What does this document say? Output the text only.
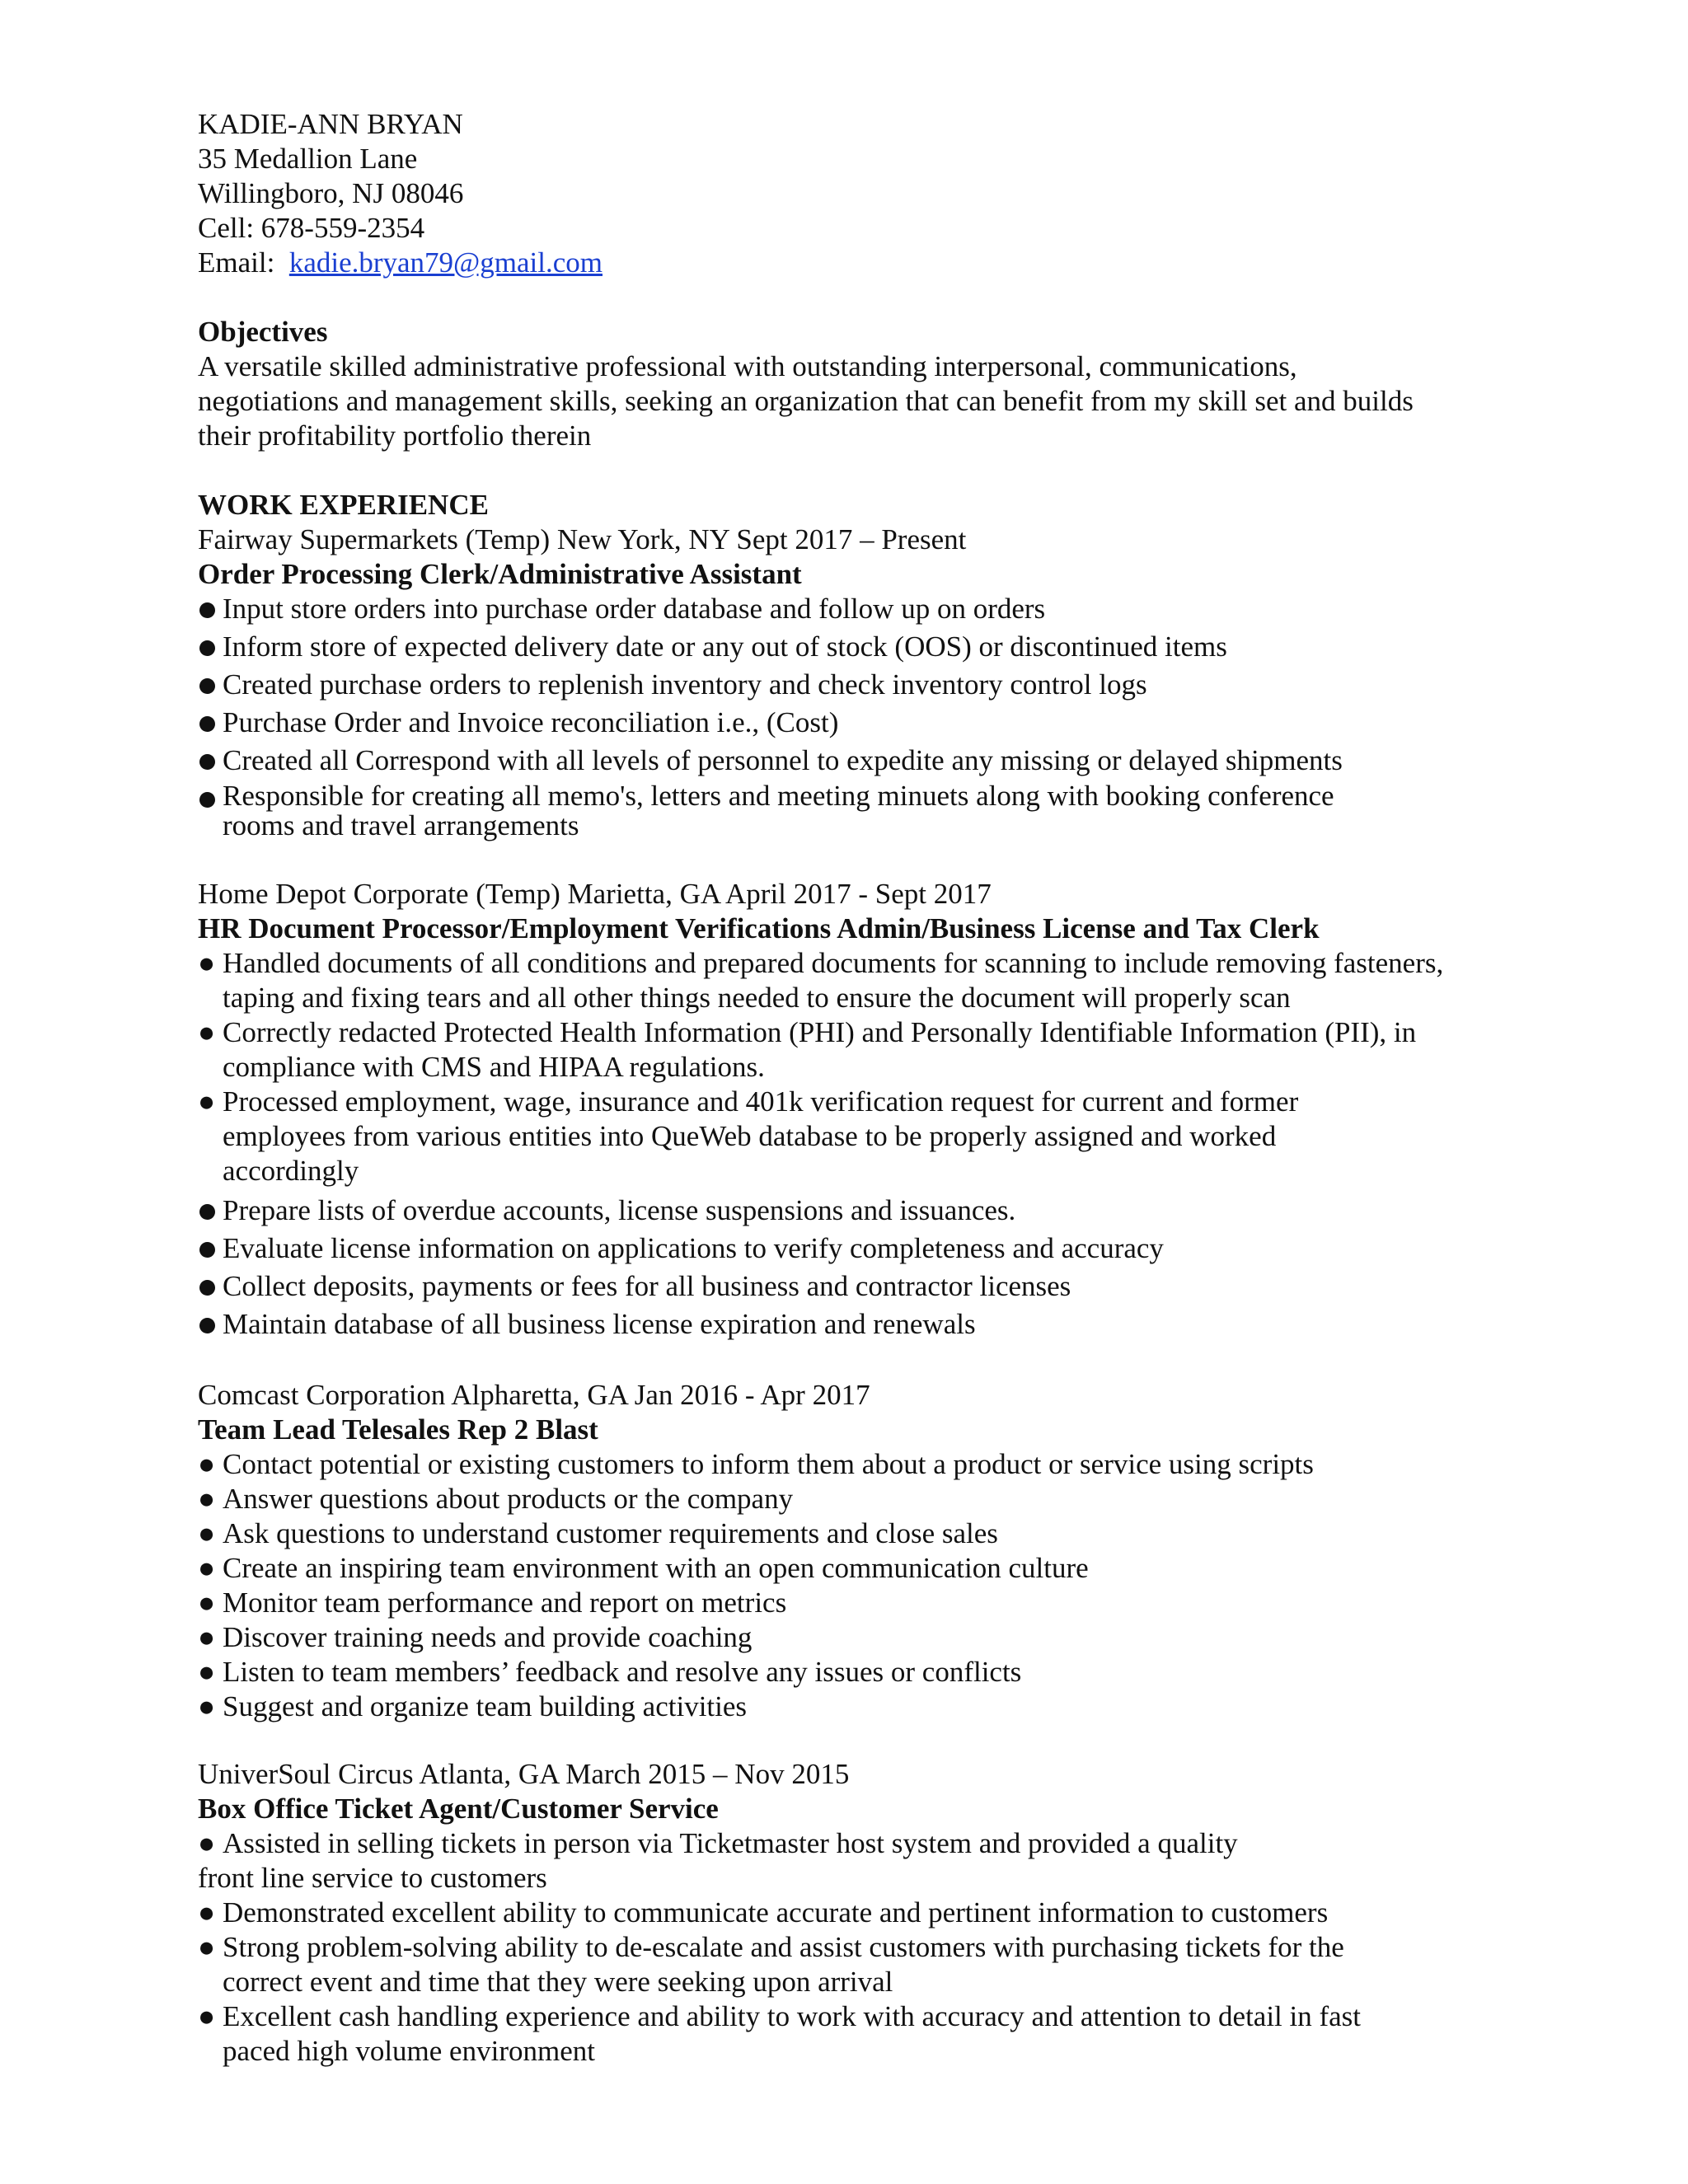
KADIE-ANN BRYAN
35 Medallion Lane
Willingboro, NJ 08046
Cell: 678-559-2354
Email:  kadie.bryan79@gmail.com
Objectives
A versatile skilled administrative professional with outstanding interpersonal, communications,
negotiations and management skills, seeking an organization that can benefit from my skill set and builds
their profitability portfolio therein
WORK EXPERIENCE
Fairway Supermarkets (Temp) New York, NY Sept 2017 – Present
Order Processing Clerk/Administrative Assistant
Input store orders into purchase order database and follow up on orders
Inform store of expected delivery date or any out of stock (OOS) or discontinued items
Created purchase orders to replenish inventory and check inventory control logs
Purchase Order and Invoice reconciliation i.e., (Cost)
Created all Correspond with all levels of personnel to expedite any missing or delayed shipments
Responsible for creating all memo's, letters and meeting minuets along with booking conference rooms and travel arrangements
Home Depot Corporate (Temp) Marietta, GA April 2017 - Sept 2017
HR Document Processor/Employment Verifications Admin/Business License and Tax Clerk
● Handled documents of all conditions and prepared documents for scanning to include removing fasteners, taping and fixing tears and all other things needed to ensure the document will properly scan
● Correctly redacted Protected Health Information (PHI) and Personally Identifiable Information (PII), in compliance with CMS and HIPAA regulations.
● Processed employment, wage, insurance and 401k verification request for current and former employees from various entities into QueWeb database to be properly assigned and worked accordingly
Prepare lists of overdue accounts, license suspensions and issuances.
Evaluate license information on applications to verify completeness and accuracy
Collect deposits, payments or fees for all business and contractor licenses
Maintain database of all business license expiration and renewals
Comcast Corporation Alpharetta, GA Jan 2016 - Apr 2017
Team Lead Telesales Rep 2 Blast
● Contact potential or existing customers to inform them about a product or service using scripts
● Answer questions about products or the company
● Ask questions to understand customer requirements and close sales
● Create an inspiring team environment with an open communication culture
● Monitor team performance and report on metrics
● Discover training needs and provide coaching
● Listen to team members’ feedback and resolve any issues or conflicts
● Suggest and organize team building activities
UniverSoul Circus Atlanta, GA March 2015 – Nov 2015
Box Office Ticket Agent/Customer Service
● Assisted in selling tickets in person via Ticketmaster host system and provided a quality front line service to customers
● Demonstrated excellent ability to communicate accurate and pertinent information to customers
● Strong problem-solving ability to de-escalate and assist customers with purchasing tickets for the correct event and time that they were seeking upon arrival
● Excellent cash handling experience and ability to work with accuracy and attention to detail in fast paced high volume environment
